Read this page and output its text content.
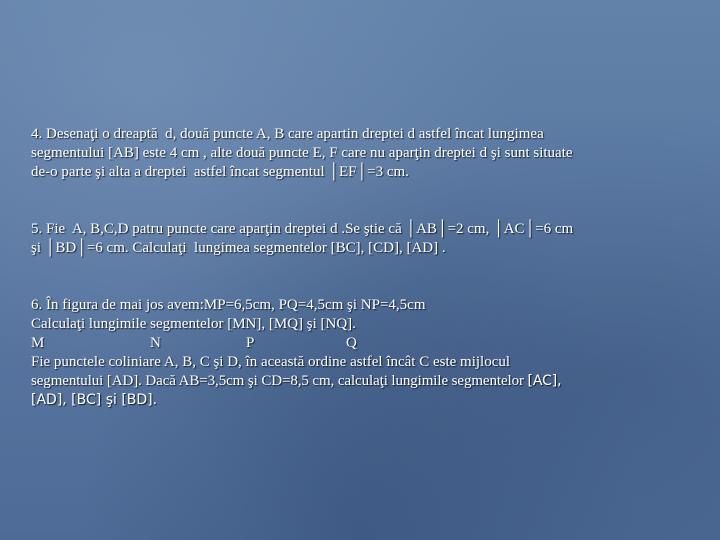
4. Desenaţi o dreaptă  d, două puncte A, B care apartin dreptei d astfel încat lungimea
segmentului [AB] este 4 cm , alte două puncte E, F care nu aparţin dreptei d şi sunt situate
de-o parte şi alta a dreptei  astfel încat segmentul │EF│=3 cm.
5. Fie  A, B,C,D patru puncte care aparţin dreptei d .Se ştie că │AB│=2 cm, │AC│=6 cm
şi │BD│=6 cm. Calculaţi  lungimea segmentelor [BC], [CD], [AD] .
6. În figura de mai jos avem:MP=6,5cm, PQ=4,5cm şi NP=4,5cm
Calculaţi lungimile segmentelor [MN], [MQ] şi [NQ].
M	N	P	Q
Fie punctele coliniare A, B, C şi D, în această ordine astfel încât C este mijlocul
segmentului [AD]. Dacă AB=3,5cm şi CD=8,5 cm, calculaţi lungimile segmentelor [AC],
[AD], [BC] şi [BD].
